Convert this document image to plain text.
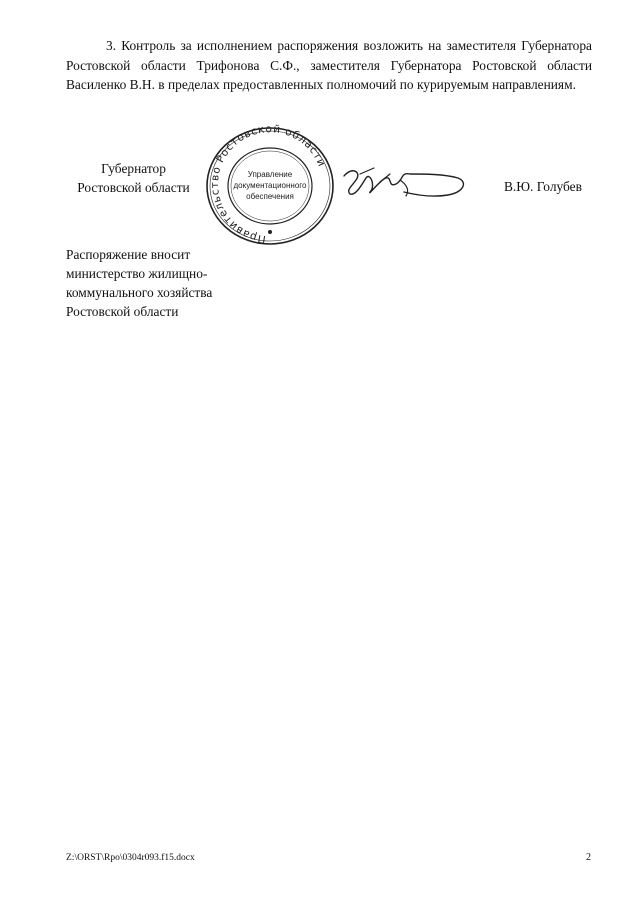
3. Контроль за исполнением распоряжения возложить на заместителя Губернатора Ростовской области Трифонова С.Ф., заместителя Губернатора Ростовской области Василенко В.Н. в пределах предоставленных полномочий по курируемым направлениям.

Губернатор
Ростовской области
Правительство Ростовской области
Управление
документационного
обеспечения
В.Ю. Голубев
Распоряжение вносит
министерство жилищно-
коммунального хозяйства
Ростовской области
Z:\ORST\Rpo\0304r093.f15.docx	2
